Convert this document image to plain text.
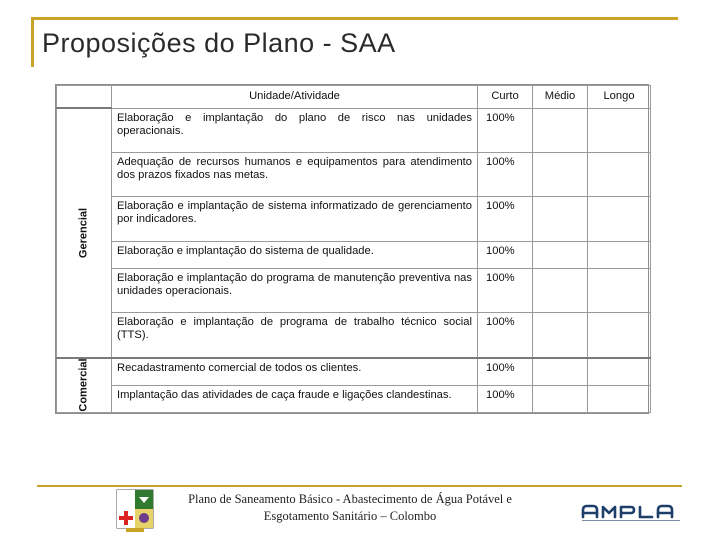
Proposições do Plano - SAA
	Unidade/Atividade	Curto	Médio	Longo

Gerencial	Elaboração e implantação do plano de risco nas unidades operacionais.	100%		
	Adequação de recursos humanos e equipamentos para atendimento dos prazos fixados nas metas.	100%		
	Elaboração e implantação de sistema informatizado de gerenciamento por indicadores.	100%		
	Elaboração e implantação do sistema de qualidade.	100%		
	Elaboração e implantação do programa de manutenção preventiva nas unidades operacionais.	100%		
	Elaboração e implantação de programa de trabalho técnico social (TTS).	100%		

Comercial	Recadastramento comercial de todos os clientes.	100%		
	Implantação das atividades de caça fraude e ligações clandestinas.	100%		
Plano de Saneamento Básico - Abastecimento de Água Potável e
Esgotamento Sanitário – Colombo
